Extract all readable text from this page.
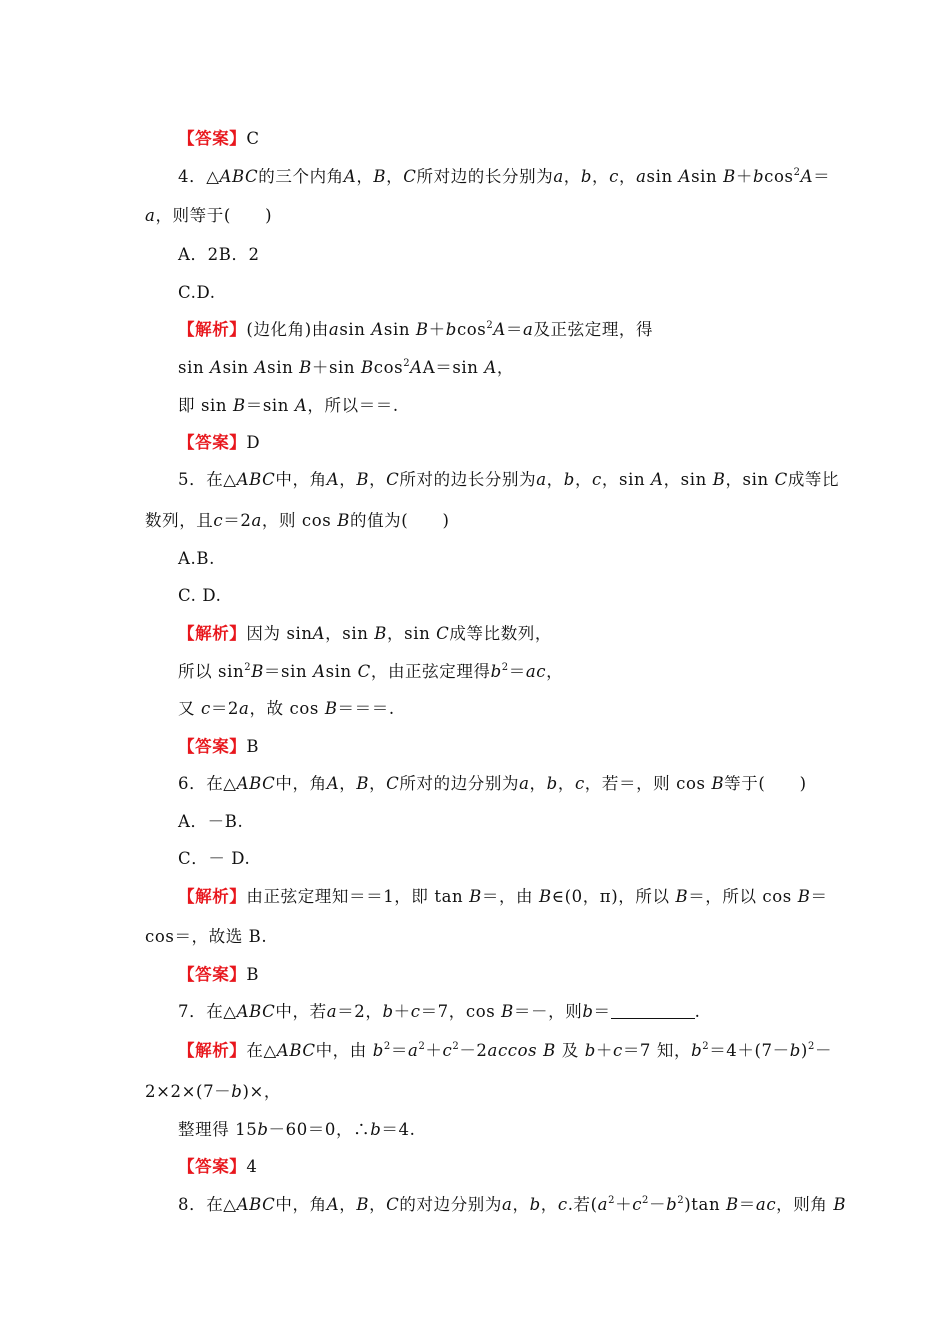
【答案】C
4．△ABC的三个内角A，B，C所对边的长分别为a，b，c，asin Asin B＋bcos$^2$A＝
a，则等于(　　)
A．2B．2
C.D.
【解析】(边化角)由asin Asin B＋bcos$^2$A＝a及正弦定理，得
sin Asin Asin B＋sin Bcos$^2$AA＝sin A，
即 sin B＝sin A，所以＝＝.
【答案】D
5．在△ABC中，角A，B，C所对的边长分别为a，b，c，sin A，sin B，sin C成等比
数列，且c＝2a，则 cos B的值为(　　)
A.B.
C. D.
【解析】因为 sinA，sin B，sin C成等比数列，
所以 $\sin^2B=\sin$ Asin C，由正弦定理得$b^2=ac$，
又 c＝2a，故 cos B＝＝＝.
【答案】B
6．在△ABC中，角A，B，C所对的边分别为a，b，c，若＝，则 cos B等于(　　)
A．－B.
C．－ D.
【解析】由正弦定理知＝＝1，即 tan B＝，由 B∈(0，π)，所以 B＝，所以 cos B＝
cos＝，故选 B.
【答案】B
7．在△ABC中，若a＝2，b＋c＝7，cos B＝－，则b＝	.
【解析】在△ABC中，由 $b^2=a^2+c^2-2accos$ B 及 b＋c＝7 知，$b^2=4+(7-b)^2-$
2×2×(7－b)×，
整理得 15b－60＝0，∴b＝4.
【答案】4
8．在△ABC中，角A，B，C的对边分别为a，b，c.若$(a^2+c^2-b^2)\tan$ B＝ac，则角 B
